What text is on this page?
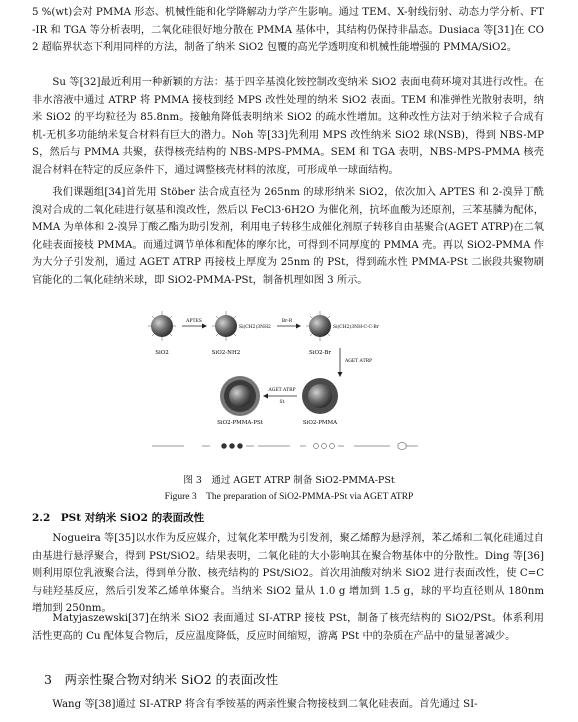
5 %(wt)会对 PMMA 形态、机械性能和化学降解动力学产生影响。通过 TEM、X-射线衍射、动态力学分析、FT-IR 和 TGA 等分析表明，二氧化硅很好地分散在 PMMA 基体中，其结构仍保持非晶态。Dusiaca 等[31]在 CO2 超临界状态下利用同样的方法，制备了纳米 SiO2 包覆的高光学透明度和机械性能增强的 PMMA/SiO2。
Su 等[32]最近利用一种新颖的方法：基于四辛基溴化铵控制改变纳米 SiO2 表面电荷环境对其进行改性。在非水溶液中通过 ATRP 将 PMMA 接枝到经 MPS 改性处理的纳米 SiO2 表面。TEM 和准弹性光散射表明，纳米 SiO2 的平均粒径为 85.8nm。接触角降低表明纳米 SiO2 的疏水性增加。这种改性方法对于纳米粒子合成有机-无机多功能纳米复合材料有巨大的潜力。Noh 等[33]先利用 MPS 改性纳米 SiO2 球(NSB)，得到 NBS-MPS，然后与 PMMA 共聚，获得核壳结构的 NBS-MPS-PMMA。SEM 和 TGA 表明，NBS-MPS-PMMA 核壳混合材料在特定的反应条件下，通过调整核壳材料的浓度，可形成单一球面结构。
我们课题组[34]首先用 Stöber 法合成直径为 265nm 的球形纳米 SiO2，依次加入 APTES 和 2-溴异丁酰溴对合成的二氧化硅进行氨基和溴改性，然后以 FeCl3·6H2O 为催化剂，抗坏血酸为还原剂，三苯基膦为配体，MMA 为单体和 2-溴异丁酸乙酯为助引发剂，利用电子转移生成催化剂原子转移自由基聚合(AGET ATRP)在二氧化硅表面接枝 PMMA。而通过调节单体和配体的摩尔比，可得到不同厚度的 PMMA 壳。再以 SiO2-PMMA 作为大分子引发剂，通过 AGET ATRP 再接枝上厚度为 25nm 的 PSt，得到疏水性 PMMA-PSt 二嵌段共聚物刷官能化的二氧化硅纳米球，即 SiO2-PMMA-PSt，制备机理如图 3 所示。
SiO2
APTES
Si(CH2)3NH2
SiO2-NH2
Br-R
Si(CH2)3NH-C-C-Br
SiO2-Br
AGET ATRP
SiO2-PMMA
AGET ATRP
St
SiO2-PMMA-PSt
图 3　通过 AGET ATRP 制备 SiO2-PMMA-PSt
Figure 3　The preparation of SiO2-PMMA-PSt via AGET ATRP
2.2　PSt 对纳米 SiO2 的表面改性
Nogueira 等[35]以水作为反应媒介，过氧化苯甲酰为引发剂，聚乙烯醇为悬浮剂，苯乙烯和二氧化硅通过自由基进行悬浮聚合，得到 PSt/SiO2。结果表明，二氧化硅的大小影响其在聚合物基体中的分散性。Ding 等[36]则利用原位乳液聚合法，得到单分散、核壳结构的 PSt/SiO2。首次用油酸对纳米 SiO2 进行表面改性，使 C=C 与硅羟基反应，然后引发苯乙烯单体聚合。当纳米 SiO2 量从 1.0 g 增加到 1.5 g，球的平均直径则从 180nm 增加到 250nm。
Matyjaszewski[37]在纳米 SiO2 表面通过 SI-ATRP 接枝 PSt，制备了核壳结构的 SiO2/PSt。体系利用活性更高的 Cu 配体复合物后，反应温度降低，反应时间缩短，游离 PSt 中的杂质在产品中的量显著减少。
3　两亲性聚合物对纳米 SiO2 的表面改性
Wang 等[38]通过 SI-ATRP 将含有季铵基的两亲性聚合物接枝到二氧化硅表面。首先通过 SI-
